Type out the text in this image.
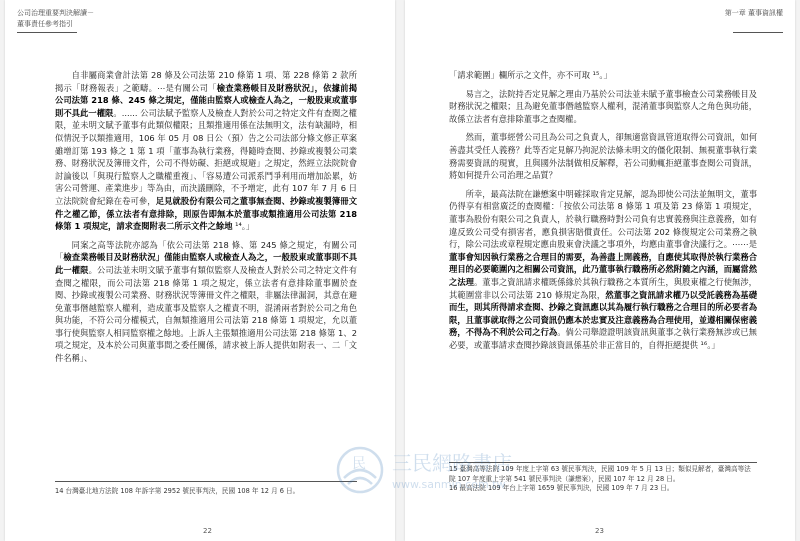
公司治理重要判決解讀－
董事責任參考指引

自非屬商業會計法第 28 條及公司法第 210 條第 1 項、第 228 條第 2 款所揭示「財務報表」之範疇。⋯是有關公司「檢查業務帳目及財務狀況」，依據前揭公司法第 218 條、245 條之規定，僅能由監察人或檢查人為之，一般股東或董事則不具此一權限。...... 公司法賦予監察人及檢查人對於公司之特定文件有查閱之權限，並未明文賦予董事有此類似權限；且類推適用係在法無明文，法有缺漏時，相似情況予以類推適用，106 年 05 月 08 日公（預）告之公司法部分條文修正草案雖增訂第 193 條之 1 第 1 項「董事為執行業務，得隨時查閱、抄錄或複製公司業務、財務狀況及簿冊文件，公司不得妨礙、拒絕或規避」之規定，然經立法院院會討論後以「與現行監察人之職權重複」、「容易遭公司派系鬥爭利用而增加訟累，妨害公司營運、產業進步」等為由，而決議刪除，不予增定，此有 107 年 7 月 6 日立法院院會紀錄在卷可參，足見就股份有限公司之董事無查閱、抄錄或複製簿冊文件之權乙節，係立法者有意排除，則原告即無本於董事或類推適用公司法第 218 條第 1 項規定，請求查閱附表二所示文件之餘地 ¹⁴。」

同案之高等法院亦認為「依公司法第 218 條、第 245 條之規定，有關公司「檢查業務帳目及財務狀況」僅能由監察人或檢查人為之，一般股東或董事則不具此一權限。公司法並未明文賦予董事有類似監察人及檢查人對於公司之特定文件有查閱之權限，而公司法第 218 條第 1 項之規定，係立法者有意排除董事關於查閱、抄錄或複製公司業務、財務狀況等簿冊文件之權限，非屬法律漏洞，其意在避免董事僭越監察人權利，造成董事及監察人之權責不明，混淆兩者對於公司之角色與功能，不符公司分權模式，自無類推適用公司法第 218 條第 1 項規定，允以董事行使與監察人相同監察權之餘地。上訴人主張類推適用公司法第 218 條第 1、2 項之規定，及本於公司與董事間之委任關係，請求被上訴人提供如附表一、二「文件名稱」、

14 台灣臺北地方法院 108 年訴字第 2952 號民事判決，民國 108 年 12 月 6 日。
22
第一章 董事資訊權

「請求範圍」欄所示之文件，亦不可取 ¹⁵。」

易言之，法院持否定見解之理由乃基於公司法並未賦予董事檢查公司業務帳目及財務狀況之權限；且為避免董事僭越監察人權利，混淆董事與監察人之角色與功能，故係立法者有意排除董事之查閱權。

然而，董事經營公司且為公司之負責人，卻無適當資訊管道取得公司資訊，如何善盡其受任人義務？此等否定見解乃拘泥於法條未明文的僵化限制、無視董事執行業務需要資訊的現實，且與國外法制做相反解釋，若公司動輒拒絕董事查閱公司資訊，將如何提升公司治理之品質？

所幸，最高法院在謙懋案中明確採取肯定見解，認為即使公司法並無明文，董事仍得享有相當廣泛的查閱權：「按依公司法第 8 條第 1 項及第 23 條第 1 項規定，董事為股份有限公司之負責人，於執行職務時對公司負有忠實義務與注意義務，如有違反致公司受有損害者，應負損害賠償責任。公司法第 202 條復規定公司業務之執行，除公司法或章程規定應由股東會決議之事項外，均應由董事會決議行之。⋯⋯是董事會知因執行業務之合理目的需要，為善盡上開義務，自應使其取得於執行業務合理目的必要範圍內之相關公司資訊，此乃董事執行職務所必然附隨之內涵，而屬當然之法理。董事之資訊請求權既係緣於其執行職務之本質所生，與股東權之行使無涉，其範圍當非以公司法第 210 條規定為限，然董事之資訊請求權乃以受託義務為基礎而生，則其所得請求查閱、抄錄之資訊應以其為履行執行職務之合理目的所必要者為限，且董事就取得之公司資訊仍應本於忠實及注意義務為合理使用，並遵相關保密義務，不得為不利於公司之行為。倘公司舉證證明該資訊與董事之執行業務無涉或已無必要，或董事請求查閱抄錄該資訊係基於非正當目的，自得拒絕提供 ¹⁶。」

15 臺灣高等法院 109 年度上字第 63 號民事判決，民國 109 年 5 月 13 日；類似見解者，臺灣高等法院 107 年度重上字第 541 號民事判決（謙懋案），民國 107 年 12 月 28 日。
16 最高法院 109 年台上字第 1659 號民事判決，民國 109 年 7 月 23 日。
23
民 三民網路書店
www.sanmin.com.tw
